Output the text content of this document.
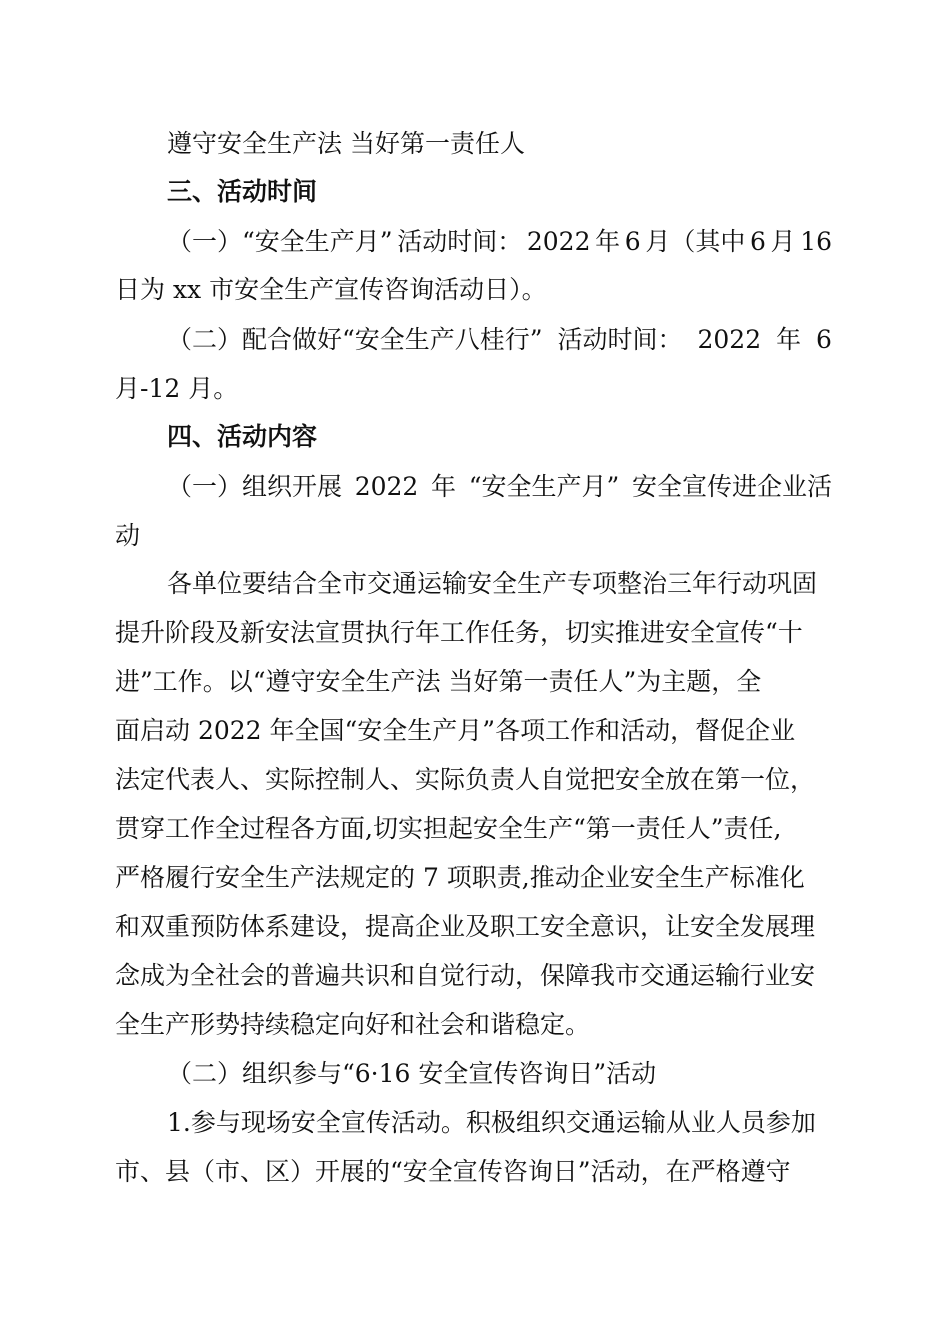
遵守安全生产法 当好第一责任人

三、活动时间

（一）“安全生产月” 活动时间： 2022 年 6 月（其中 6 月 16

日为 xx 市安全生产宣传咨询活动日）。

（二）配合做好“安全生产八桂行” 活动时间： 2022 年 6

月-12 月。

四、活动内容

（一）组织开展 2022 年 “安全生产月” 安全宣传进企业活

动

各单位要结合全市交通运输安全生产专项整治三年行动巩固

提升阶段及新安法宣贯执行年工作任务，切实推进安全宣传“十

进”工作。以“遵守安全生产法 当好第一责任人”为主题，全

面启动 2022 年全国“安全生产月”各项工作和活动，督促企业

法定代表人、实际控制人、实际负责人自觉把安全放在第一位，

贯穿工作全过程各方面,切实担起安全生产“第一责任人”责任,

严格履行安全生产法规定的 7 项职责,推动企业安全生产标准化

和双重预防体系建设，提高企业及职工安全意识，让安全发展理

念成为全社会的普遍共识和自觉行动，保障我市交通运输行业安

全生产形势持续稳定向好和社会和谐稳定。

（二）组织参与“6·16 安全宣传咨询日”活动

1.参与现场安全宣传活动。积极组织交通运输从业人员参加

市、县（市、区）开展的“安全宣传咨询日”活动，在严格遵守
